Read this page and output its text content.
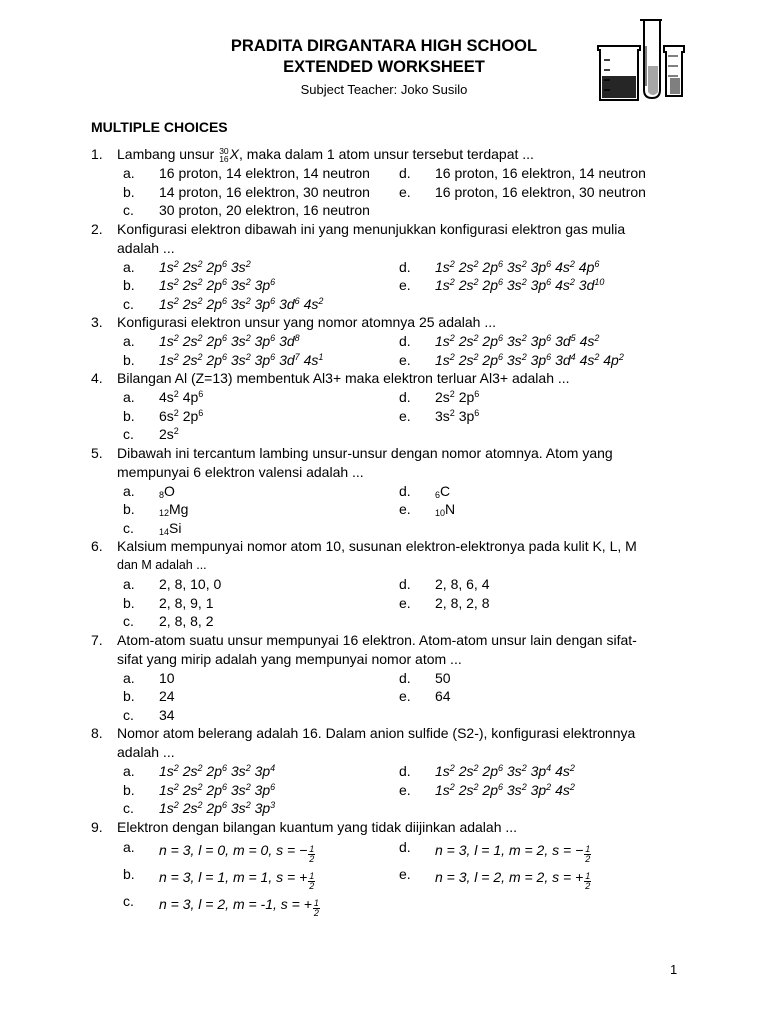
PRADITA DIRGANTARA HIGH SCHOOL
EXTENDED WORKSHEET
Subject Teacher: Joko Susilo
MULTIPLE CHOICES
1.	Lambang unsur 30
16 X, maka dalam 1 atom unsur tersebut terdapat ...
a.	16 proton, 14 elektron, 14 neutron	d.	16 proton, 16 elektron, 14 neutron
b.	14 proton, 16 elektron, 30 neutron	e.	16 proton, 16 elektron, 30 neutron
c.	30 proton, 20 elektron, 16 neutron
2.	Konfigurasi elektron dibawah ini yang menunjukkan konfigurasi elektron gas mulia
adalah ...
a.	$1s^2$ $2s^2$ $2p^6$ $3s^2$	d.	$1s^2$ $2s^2$ $2p^6$ $3s^2$ $3p^6$ $4s^2$ $4p^6$
b.	$1s^2$ $2s^2$ $2p^6$ $3s^2$ $3p^6$	e.	$1s^2$ $2s^2$ $2p^6$ $3s^2$ $3p^6$ $4s^2$ $3d^{10}$
c.	$1s^2$ $2s^2$ $2p^6$ $3s^2$ $3p^6$ $3d^6$ $4s^2$
3.	Konfigurasi elektron unsur yang nomor atomnya 25 adalah ...
a.	$1s^2$ $2s^2$ $2p^6$ $3s^2$ $3p^6$ $3d^8$	d.	$1s^2$ $2s^2$ $2p^6$ $3s^2$ $3p^6$ $3d^5$ $4s^2$
b.	$1s^2$ $2s^2$ $2p^6$ $3s^2$ $3p^6$ $3d^7$ $4s^1$	e.	$1s^2$ $2s^2$ $2p^6$ $3s^2$ $3p^6$ $3d^4$ $4s^2$ $4p^2$
4.	Bilangan Al (Z=13) membentuk Al3+ maka elektron terluar Al3+ adalah ...
a.	$4s^2$ $4p^6$	d.	$2s^2$ $2p^6$
b.	$6s^2$ $2p^6$	e.	$3s^2$ $3p^6$
c.	$2s^2$
5.	Dibawah ini tercantum lambing unsur-unsur dengan nomor atomnya. Atom yang
mempunyai 6 elektron valensi adalah ...
a.	$_8$O	d.	$_6$C
b.	$_{12}$Mg	e.	$_{10}$N
c.	$_{14}$Si
6.	Kalsium mempunyai nomor atom 10, susunan elektron-elektronya pada kulit K, L, M
dan M adalah ...
a.	2, 8, 10, 0	d.	2, 8, 6, 4
b.	2, 8, 9, 1	e.	2, 8, 2, 8
c.	2, 8, 8, 2
7.	Atom-atom suatu unsur mempunyai 16 elektron. Atom-atom unsur lain dengan sifat-
sifat yang mirip adalah yang mempunyai nomor atom ...
a.	10	d.	50
b.	24	e.	64
c.	34
8.	Nomor atom belerang adalah 16. Dalam anion sulfide (S2-), konfigurasi elektronnya
adalah ...
a.	$1s^2$ $2s^2$ $2p^6$ $3s^2$ $3p^4$	d.	$1s^2$ $2s^2$ $2p^6$ $3s^2$ $3p^4$ $4s^2$
b.	$1s^2$ $2s^2$ $2p^6$ $3s^2$ $3p^6$	e.	$1s^2$ $2s^2$ $2p^6$ $3s^2$ $3p^2$ $4s^2$
c.	$1s^2$ $2s^2$ $2p^6$ $3s^2$ $3p^3$
9.	Elektron dengan bilangan kuantum yang tidak diijinkan adalah ...
a.	n = 3, l = 0, m = 0, s = − $\frac{1}{2}$	d.	n = 3, l = 1, m = 2, s = − $\frac{1}{2}$
b.	n = 3, l = 1, m = 1, s = + $\frac{1}{2}$	e.	n = 3, l = 2, m = 2, s = + $\frac{1}{2}$
c.	n = 3, l = 2, m = -1, s = + $\frac{1}{2}$
1
